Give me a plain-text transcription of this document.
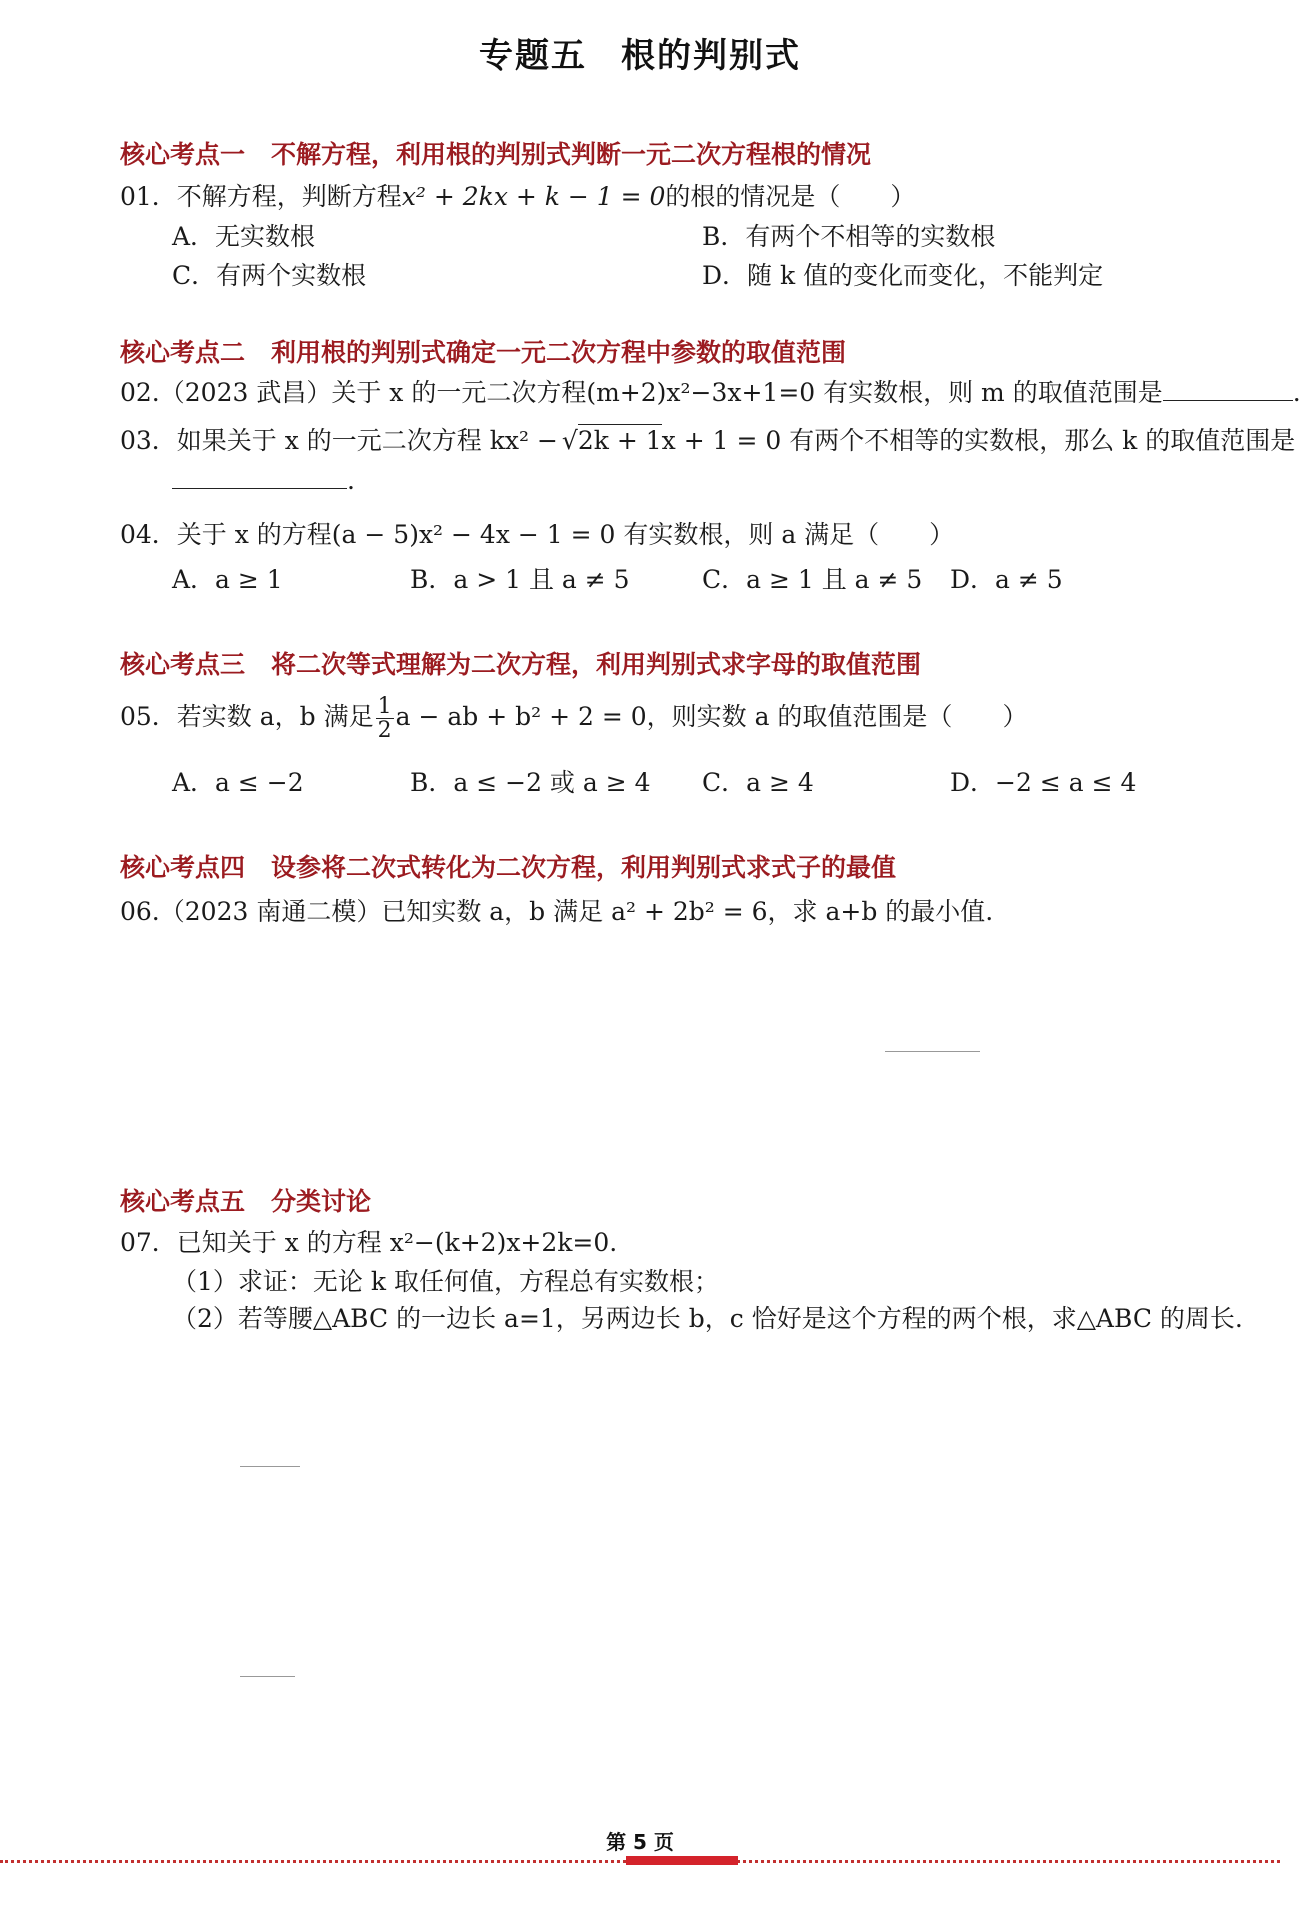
专题五 根的判别式
核心考点一 不解方程，利用根的判别式判断一元二次方程根的情况
01．不解方程，判断方程x² + 2kx + k − 1 = 0的根的情况是（　　）
A．无实数根	B．有两个不相等的实数根
C．有两个实数根	D．随 k 值的变化而变化，不能判定
核心考点二 利用根的判别式确定一元二次方程中参数的取值范围
02.（2023 武昌）关于 x 的一元二次方程(m+2)x²−3x+1=0 有实数根，则 m 的取值范围是	.
03．如果关于 x 的一元二次方程 kx² − √2k + 1x + 1 = 0 有两个不相等的实数根，那么 k 的取值范围是
.
04．关于 x 的方程(a − 5)x² − 4x − 1 = 0 有实数根，则 a 满足（　　）
A．a ≥ 1	B．a > 1 且 a ≠ 5	C．a ≥ 1 且 a ≠ 5 D．a ≠ 5
核心考点三 将二次等式理解为二次方程，利用判别式求字母的取值范围
05．若实数 a，b 满足 $\frac{1}{2}$ a − ab + b² + 2 = 0，则实数 a 的取值范围是（　　）
A．a ≤ −2	B．a ≤ −2 或 a ≥ 4 C．a ≥ 4	D．−2 ≤ a ≤ 4
核心考点四 设参将二次式转化为二次方程，利用判别式求式子的最值
06.（2023 南通二模）已知实数 a，b 满足 a² + 2b² = 6，求 a+b 的最小值.
核心考点五 分类讨论
07．已知关于 x 的方程 x²−(k+2)x+2k=0.
（1）求证：无论 k 取任何值，方程总有实数根；
（2）若等腰△ABC 的一边长 a=1，另两边长 b，c 恰好是这个方程的两个根，求△ABC 的周长.
第 5 页
